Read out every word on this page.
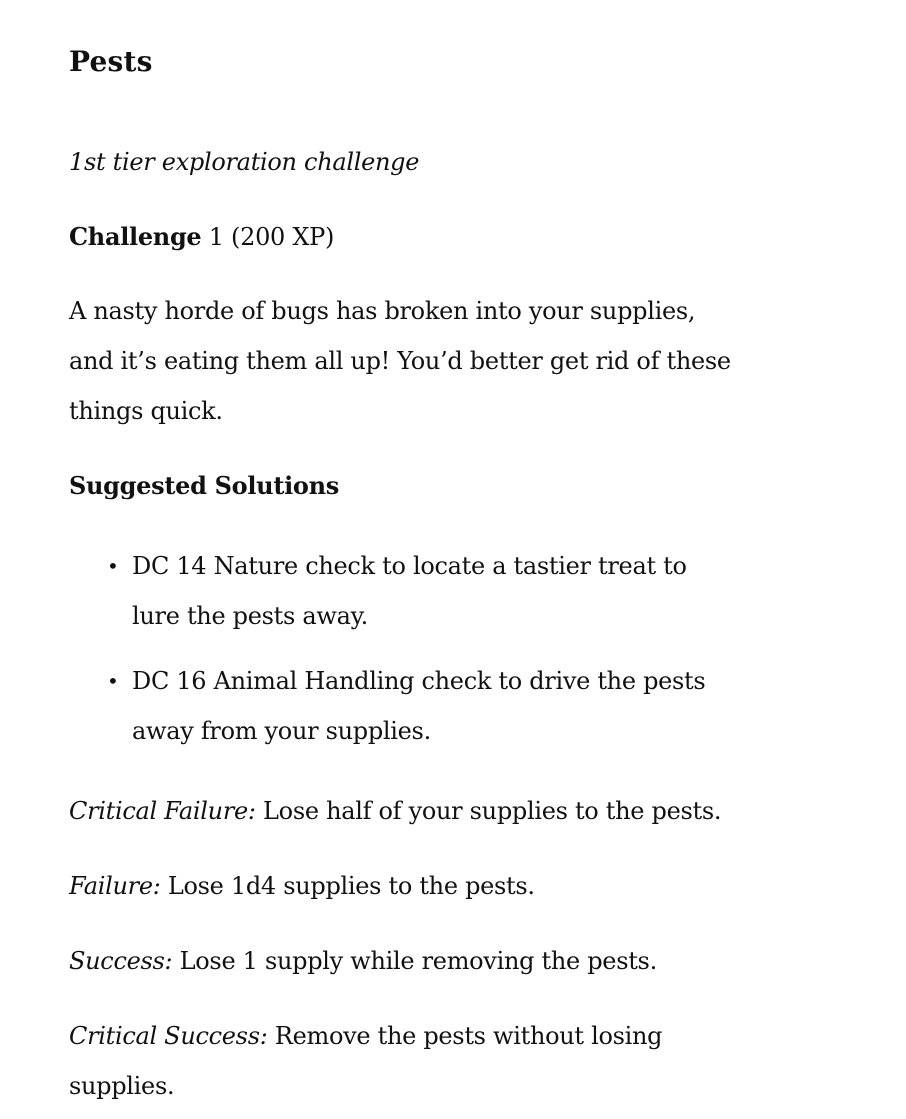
Pests

1st tier exploration challenge

Challenge 1 (200 XP)

A nasty horde of bugs has broken into your supplies,
and it’s eating them all up! You’d better get rid of these
things quick.

Suggested Solutions

• DC 14 Nature check to locate a tastier treat to
lure the pests away.
• DC 16 Animal Handling check to drive the pests
away from your supplies.

Critical Failure: Lose half of your supplies to the pests.

Failure: Lose 1d4 supplies to the pests.

Success: Lose 1 supply while removing the pests.

Critical Success: Remove the pests without losing
supplies.
